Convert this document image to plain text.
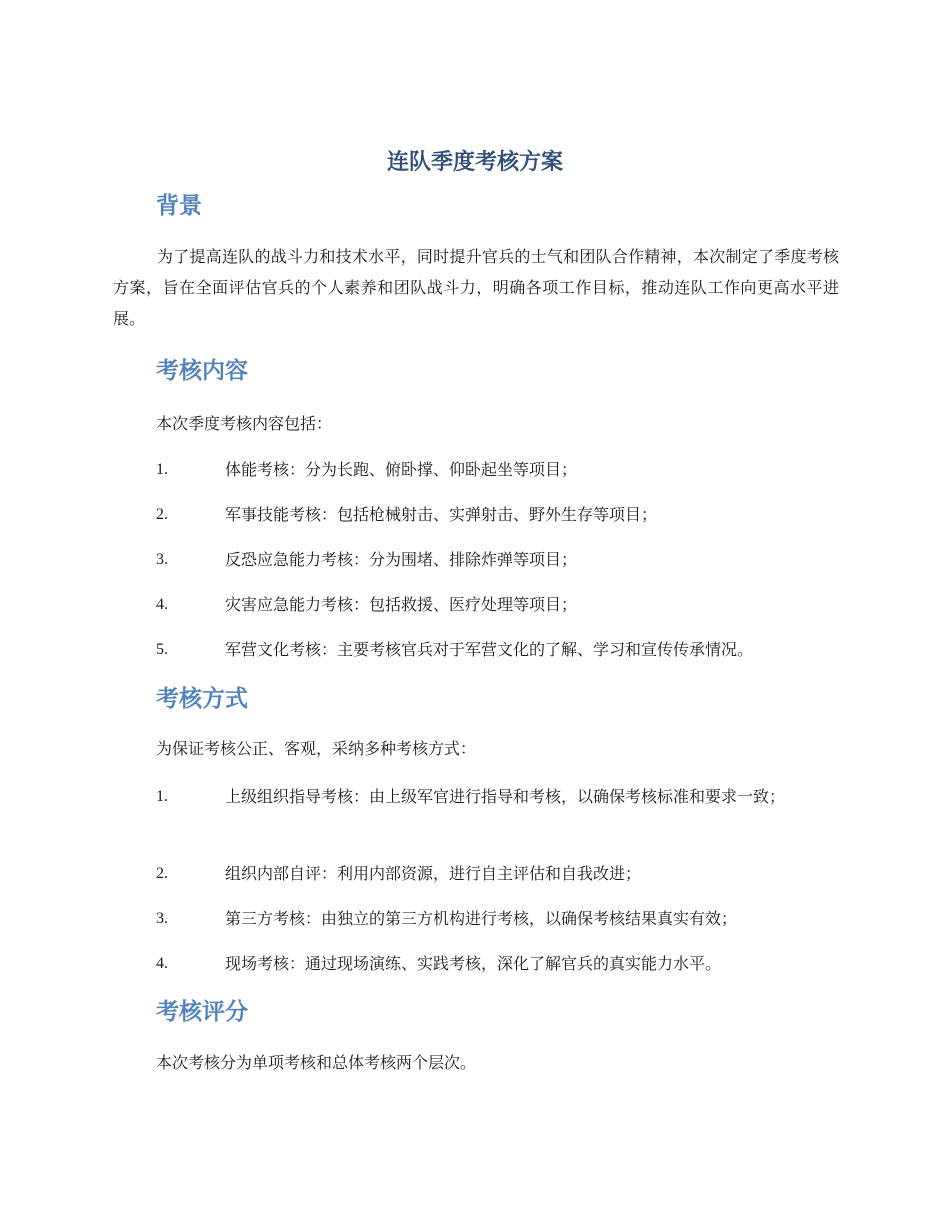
连队季度考核方案
背景

为了提高连队的战斗力和技术水平，同时提升官兵的士气和团队合作精神，本次制定了季度考核方案，旨在全面评估官兵的个人素养和团队战斗力，明确各项工作目标，推动连队工作向更高水平进展。

考核内容
本次季度考核内容包括：
1.	体能考核：分为长跑、俯卧撑、仰卧起坐等项目；
2.	军事技能考核：包括枪械射击、实弹射击、野外生存等项目；
3.	反恐应急能力考核：分为围堵、排除炸弹等项目；
4.	灾害应急能力考核：包括救援、医疗处理等项目；
5.	军营文化考核：主要考核官兵对于军营文化的了解、学习和宣传传承情况。
考核方式
为保证考核公正、客观，采纳多种考核方式：
1.	上级组织指导考核：由上级军官进行指导和考核，以确保考核标准和要求一致；
2.	组织内部自评：利用内部资源，进行自主评估和自我改进；
3.	第三方考核：由独立的第三方机构进行考核，以确保考核结果真实有效；
4.	现场考核：通过现场演练、实践考核，深化了解官兵的真实能力水平。
考核评分
本次考核分为单项考核和总体考核两个层次。
